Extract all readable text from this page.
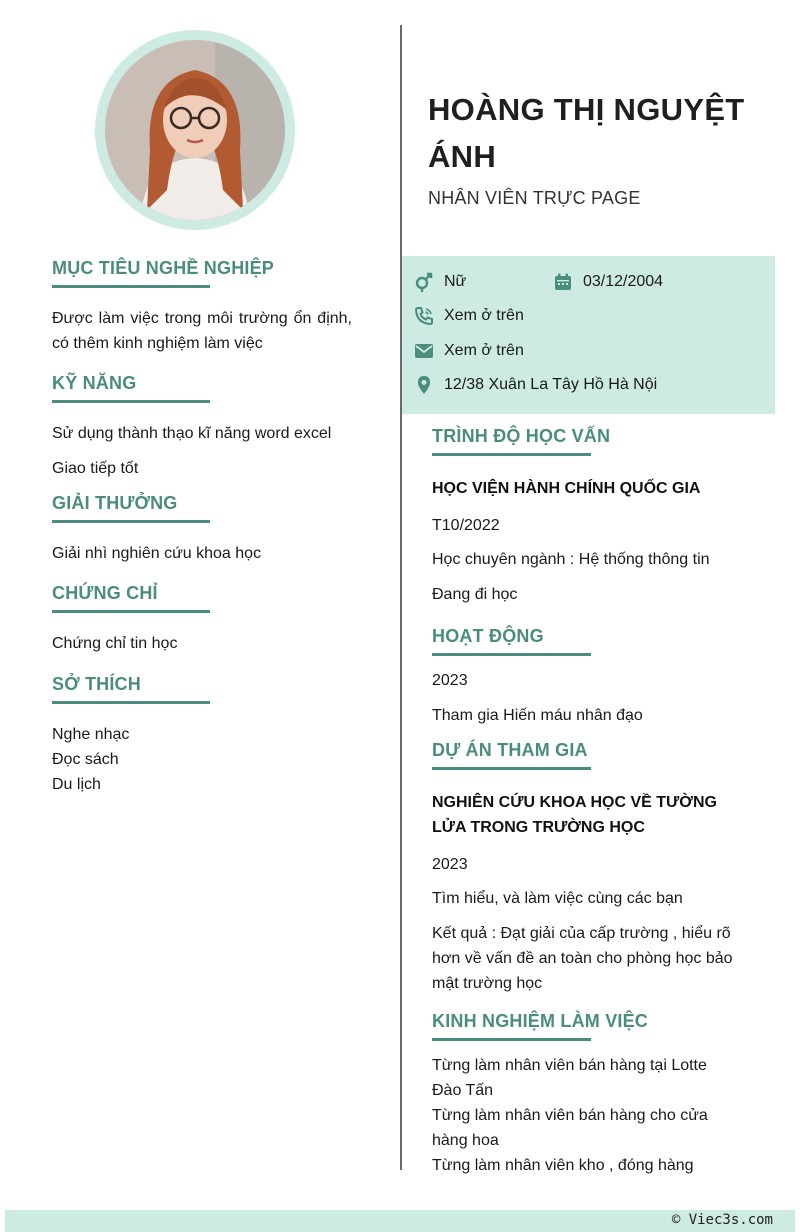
MỤC TIÊU NGHỀ NGHIỆP
Được làm việc trong môi trường ổn định, có thêm kinh nghiệm làm việc
KỸ NĂNG
Sử dụng thành thạo kĩ năng word excel
Giao tiếp tốt
GIẢI THƯỞNG
Giải nhì nghiên cứu khoa học
CHỨNG CHỈ
Chứng chỉ tin học
SỞ THÍCH
Nghe nhạc
Đọc sách
Du lịch
HOÀNG THỊ NGUYỆT ÁNH
NHÂN VIÊN TRỰC PAGE
Nữ	03/12/2004
Xem ở trên
Xem ở trên
12/38 Xuân La Tây Hồ Hà Nội
TRÌNH ĐỘ HỌC VẤN
HỌC VIỆN HÀNH CHÍNH QUỐC GIA
T10/2022
Học chuyên ngành : Hệ thống thông tin
Đang đi học
HOẠT ĐỘNG
2023
Tham gia Hiến máu nhân đạo
DỰ ÁN THAM GIA
NGHIÊN CỨU KHOA HỌC VỀ TƯỜNG LỬA TRONG TRƯỜNG HỌC
2023
Tìm hiểu, và làm việc cùng các bạn
Kết quả : Đạt giải của cấp trường , hiểu rõ hơn về vấn đề an toàn cho phòng học bảo mật trường học
KINH NGHIỆM LÀM VIỆC
Từng làm nhân viên bán hàng tại Lotte Đào Tấn
Từng làm nhân viên bán hàng cho cửa hàng hoa
Từng làm nhân viên kho , đóng hàng
© Viec3s.com
